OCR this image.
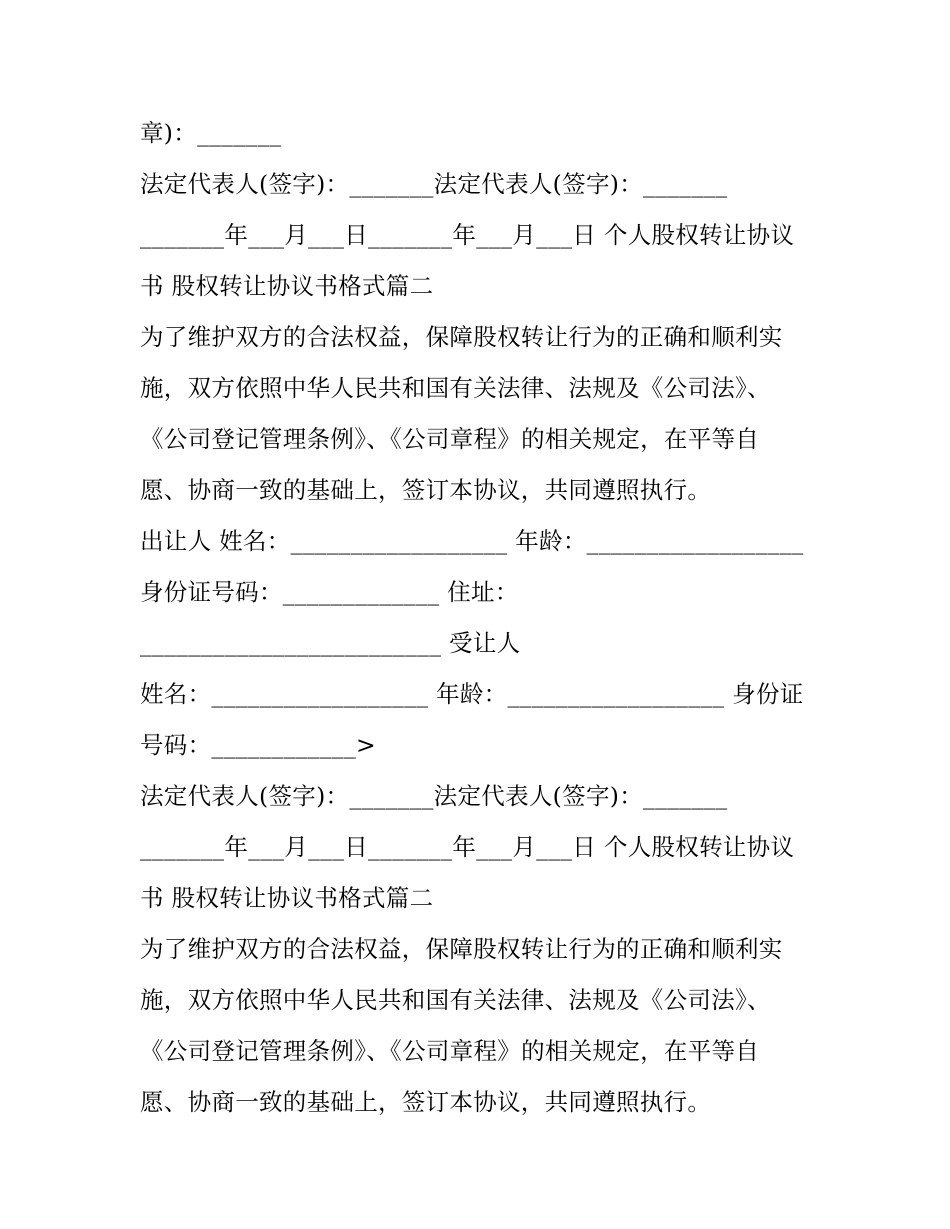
章)：_______
法定代表人(签字)：_______法定代表人(签字)：_______
_______年___月___日_______年___月___日 个人股权转让协议
书 股权转让协议书格式篇二
为了维护双方的合法权益，保障股权转让行为的正确和顺利实
施，双方依照中华人民共和国有关法律、法规及《公司法》、
《公司登记管理条例》、《公司章程》的相关规定，在平等自
愿、协商一致的基础上，签订本协议，共同遵照执行。
出让人 姓名：__________________ 年龄：__________________
身份证号码：_____________ 住址：
_________________________ 受让人
姓名：__________________ 年龄：__________________ 身份证
号码：____________>
法定代表人(签字)：_______法定代表人(签字)：_______
_______年___月___日_______年___月___日 个人股权转让协议
书 股权转让协议书格式篇二
为了维护双方的合法权益，保障股权转让行为的正确和顺利实
施，双方依照中华人民共和国有关法律、法规及《公司法》、
《公司登记管理条例》、《公司章程》的相关规定，在平等自
愿、协商一致的基础上，签订本协议，共同遵照执行。
